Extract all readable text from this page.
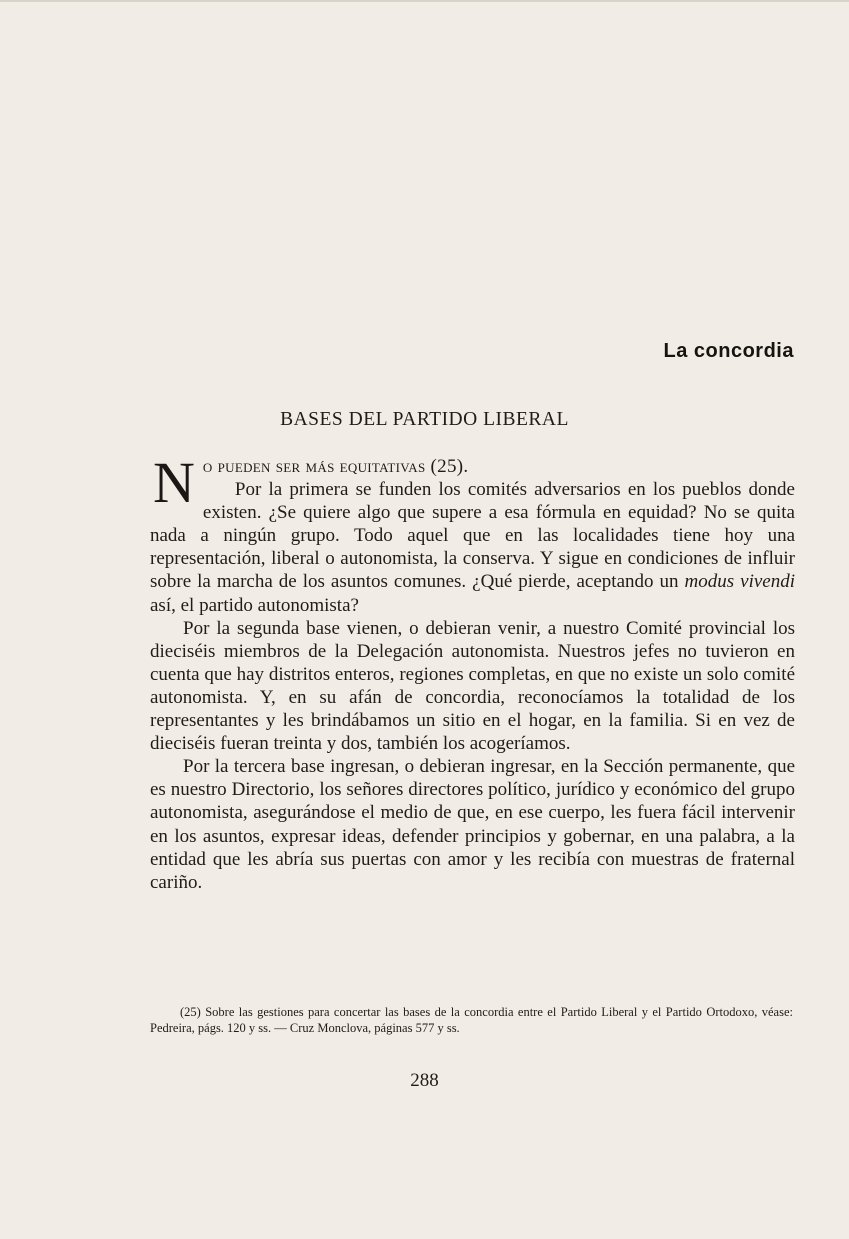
La concordia
BASES DEL PARTIDO LIBERAL

No pueden ser más equitativas (25).
Por la primera se funden los comités adversarios en los pueblos donde existen. ¿Se quiere algo que supere a esa fórmula en equidad? No se quita nada a ningún grupo. Todo aquel que en las localidades tiene hoy una representación, liberal o autonomista, la conserva. Y sigue en condiciones de influir sobre la marcha de los asuntos comunes. ¿Qué pierde, aceptando un modus vivendi así, el partido autonomista?

Por la segunda base vienen, o debieran venir, a nuestro Comité provincial los dieciséis miembros de la Delegación autonomista. Nuestros jefes no tuvieron en cuenta que hay distritos enteros, regiones completas, en que no existe un solo comité autonomista. Y, en su afán de concordia, reconocíamos la totalidad de los representantes y les brindábamos un sitio en el hogar, en la familia. Si en vez de dieciséis fueran treinta y dos, también los acogeríamos.

Por la tercera base ingresan, o debieran ingresar, en la Sección permanente, que es nuestro Directorio, los señores directores político, jurídico y económico del grupo autonomista, asegurándose el medio de que, en ese cuerpo, les fuera fácil intervenir en los asuntos, expresar ideas, defender principios y gobernar, en una palabra, a la entidad que les abría sus puertas con amor y les recibía con muestras de fraternal cariño.

(25) Sobre las gestiones para concertar las bases de la concordia entre el Partido Liberal y el Partido Ortodoxo, véase: Pedreira, págs. 120 y ss. — Cruz Monclova, páginas 577 y ss.
288
